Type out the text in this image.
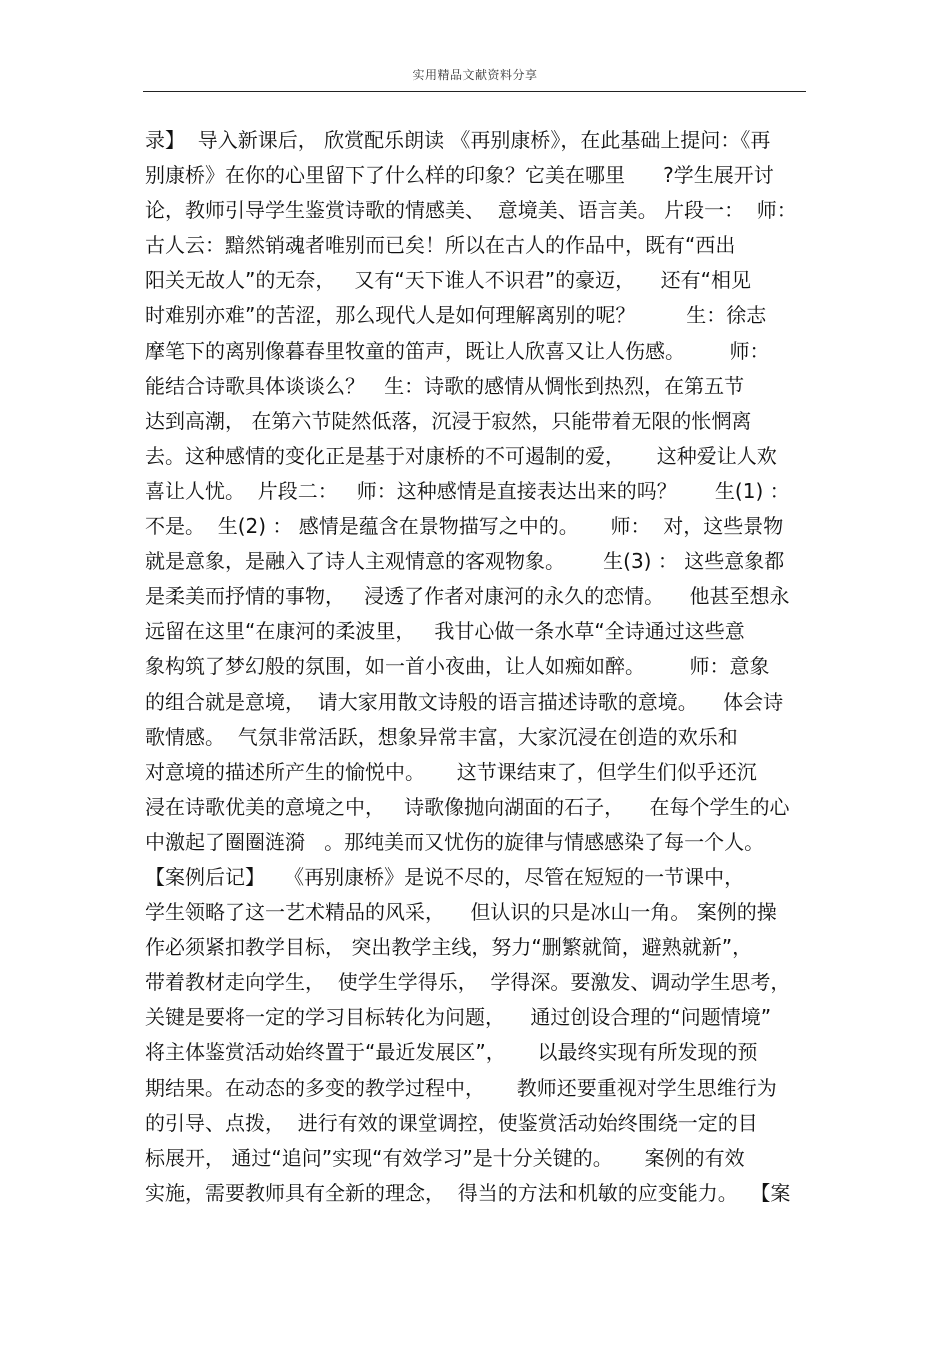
实用精品文献资料分享
录】  导入新课后， 欣赏配乐朗读 《再别康桥》，在此基础上提问：《再
别康桥》在你的心里留下了什么样的印象？它美在哪里      ?学生展开讨
论，教师引导学生鉴赏诗歌的情感美、  意境美、语言美。 片段一：  师：
古人云：黯然销魂者唯别而已矣！所以在古人的作品中，既有“西出
阳关无故人”的无奈，   又有“天下谁人不识君”的豪迈，    还有“相见
时难别亦难”的苦涩，那么现代人是如何理解离别的呢？        生：徐志
摩笔下的离别像暮春里牧童的笛声，既让人欣喜又让人伤感。       师：
能结合诗歌具体谈谈么？   生：诗歌的感情从惆怅到热烈，在第五节
达到高潮， 在第六节陡然低落，沉浸于寂然，只能带着无限的怅惘离
去。这种感情的变化正是基于对康桥的不可遏制的爱，     这种爱让人欢
喜让人忧。  片段二：   师：这种感情是直接表达出来的吗？      生(1) ：
不是。  生(2) ： 感情是蕴含在景物描写之中的。     师：  对，这些景物
就是意象，是融入了诗人主观情意的客观物象。      生(3) ： 这些意象都
是柔美而抒情的事物，   浸透了作者对康河的永久的恋情。    他甚至想永
远留在这里“在康河的柔波里，   我甘心做一条水草“全诗通过这些意
象构筑了梦幻般的氛围，如一首小夜曲，让人如痴如醉。       师：意象
的组合就是意境，  请大家用散文诗般的语言描述诗歌的意境。    体会诗
歌情感。  气氛非常活跃，想象异常丰富，大家沉浸在创造的欢乐和
对意境的描述所产生的愉悦中。     这节课结束了，但学生们似乎还沉
浸在诗歌优美的意境之中，   诗歌像抛向湖面的石子，    在每个学生的心
中激起了圈圈涟漪   。那纯美而又忧伤的旋律与情感感染了每一个人。
【案例后记】   《再别康桥》是说不尽的，尽管在短短的一节课中，
学生领略了这一艺术精品的风采，    但认识的只是冰山一角。 案例的操
作必须紧扣教学目标， 突出教学主线，努力“删繁就简，避熟就新”，
带着教材走向学生，  使学生学得乐，  学得深。要激发、调动学生思考，
关键是要将一定的学习目标转化为问题，    通过创设合理的“问题情境”
将主体鉴赏活动始终置于“最近发展区”，     以最终实现有所发现的预
期结果。在动态的多变的教学过程中，     教师还要重视对学生思维行为
的引导、点拨，  进行有效的课堂调控，使鉴赏活动始终围绕一定的目
标展开， 通过“追问”实现“有效学习”是十分关键的。     案例的有效
实施，需要教师具有全新的理念，  得当的方法和机敏的应变能力。  【案
